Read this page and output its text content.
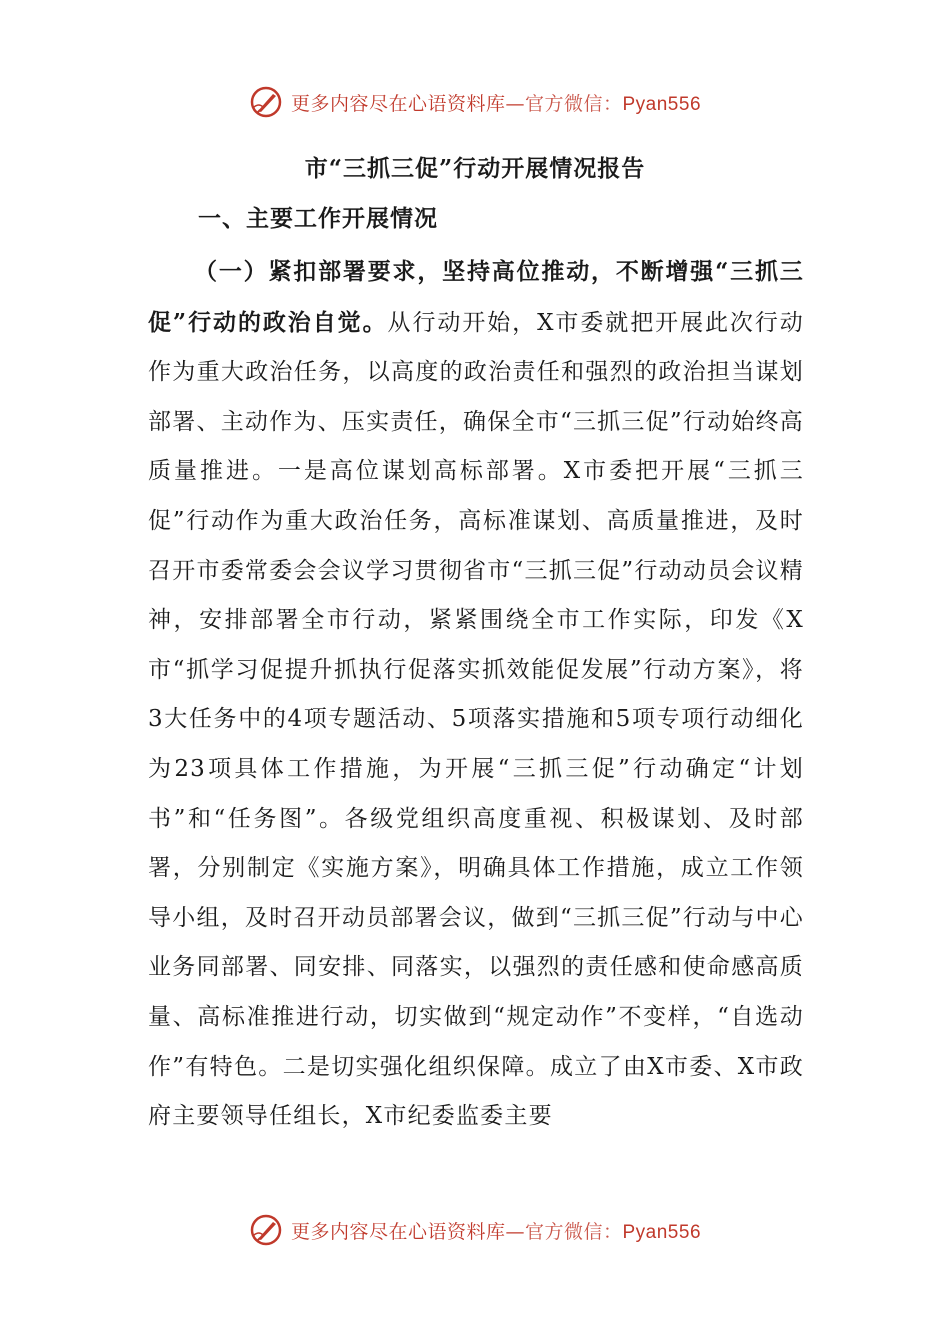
更多内容尽在心语资料库—官方微信：Pyan556
市“三抓三促”行动开展情况报告
一、主要工作开展情况

（一）紧扣部署要求，坚持高位推动，不断增强“三抓三促”行动的政治自觉。从行动开始，X市委就把开展此次行动作为重大政治任务，以高度的政治责任和强烈的政治担当谋划部署、主动作为、压实责任，确保全市“三抓三促”行动始终高质量推进。一是高位谋划高标部署。X市委把开展“三抓三促”行动作为重大政治任务，高标准谋划、高质量推进，及时召开市委常委会会议学习贯彻省市“三抓三促”行动动员会议精神，安排部署全市行动，紧紧围绕全市工作实际，印发《X市“抓学习促提升抓执行促落实抓效能促发展”行动方案》，将3大任务中的4项专题活动、5项落实措施和5项专项行动细化为23项具体工作措施，为开展“三抓三促”行动确定“计划书”和“任务图”。各级党组织高度重视、积极谋划、及时部署，分别制定《实施方案》，明确具体工作措施，成立工作领导小组，及时召开动员部署会议，做到“三抓三促”行动与中心业务同部署、同安排、同落实，以强烈的责任感和使命感高质量、高标准推进行动，切实做到“规定动作”不变样，“自选动作”有特色。二是切实强化组织保障。成立了由X市委、X市政府主要领导任组长，X市纪委监委主要

更多内容尽在心语资料库—官方微信：Pyan556
